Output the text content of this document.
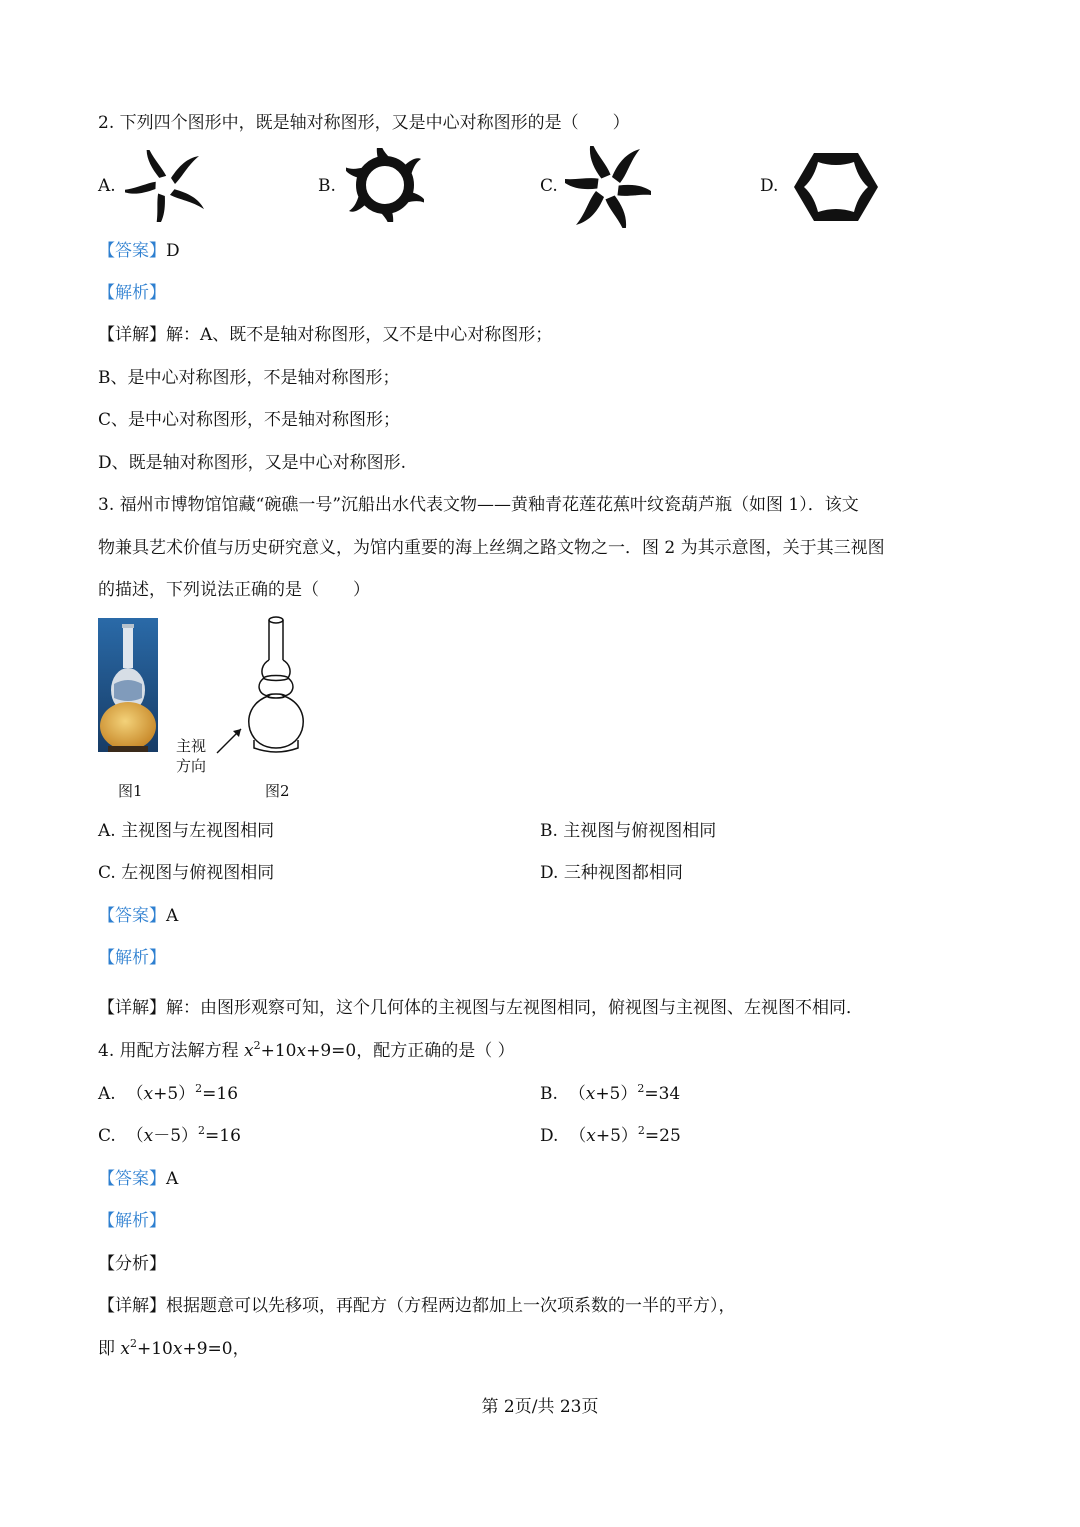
2. 下列四个图形中，既是轴对称图形，又是中心对称图形的是（　　）
A.	B.	C.	D.
【答案】D
【解析】
【详解】解：A、既不是轴对称图形，又不是中心对称图形；
B、是中心对称图形，不是轴对称图形；
C、是中心对称图形，不是轴对称图形；
D、既是轴对称图形，又是中心对称图形.
3. 福州市博物馆馆藏“碗礁一号”沉船出水代表文物——黄釉青花莲花蕉叶纹瓷葫芦瓶（如图 1）．该文
物兼具艺术价值与历史研究意义，为馆内重要的海上丝绸之路文物之一．图 2 为其示意图，关于其三视图
的描述，下列说法正确的是（　　）
图1
主视
方向
图2
A. 主视图与左视图相同	B. 主视图与俯视图相同
C. 左视图与俯视图相同	D. 三种视图都相同
【答案】A
【解析】
【详解】解：由图形观察可知，这个几何体的主视图与左视图相同，俯视图与主视图、左视图不相同．
4. 用配方法解方程 $x^2+10x+9=0$，配方正确的是（ ）
A. $(x+5)^2=16$	B. $(x+5)^2=34$
C. $(x-5)^2=16$	D. $(x+5)^2=25$
【答案】A
【解析】
【分析】
【详解】根据题意可以先移项，再配方（方程两边都加上一次项系数的一半的平方），
即 $x^2+10x+9=0$，
第 2页/共 23页
